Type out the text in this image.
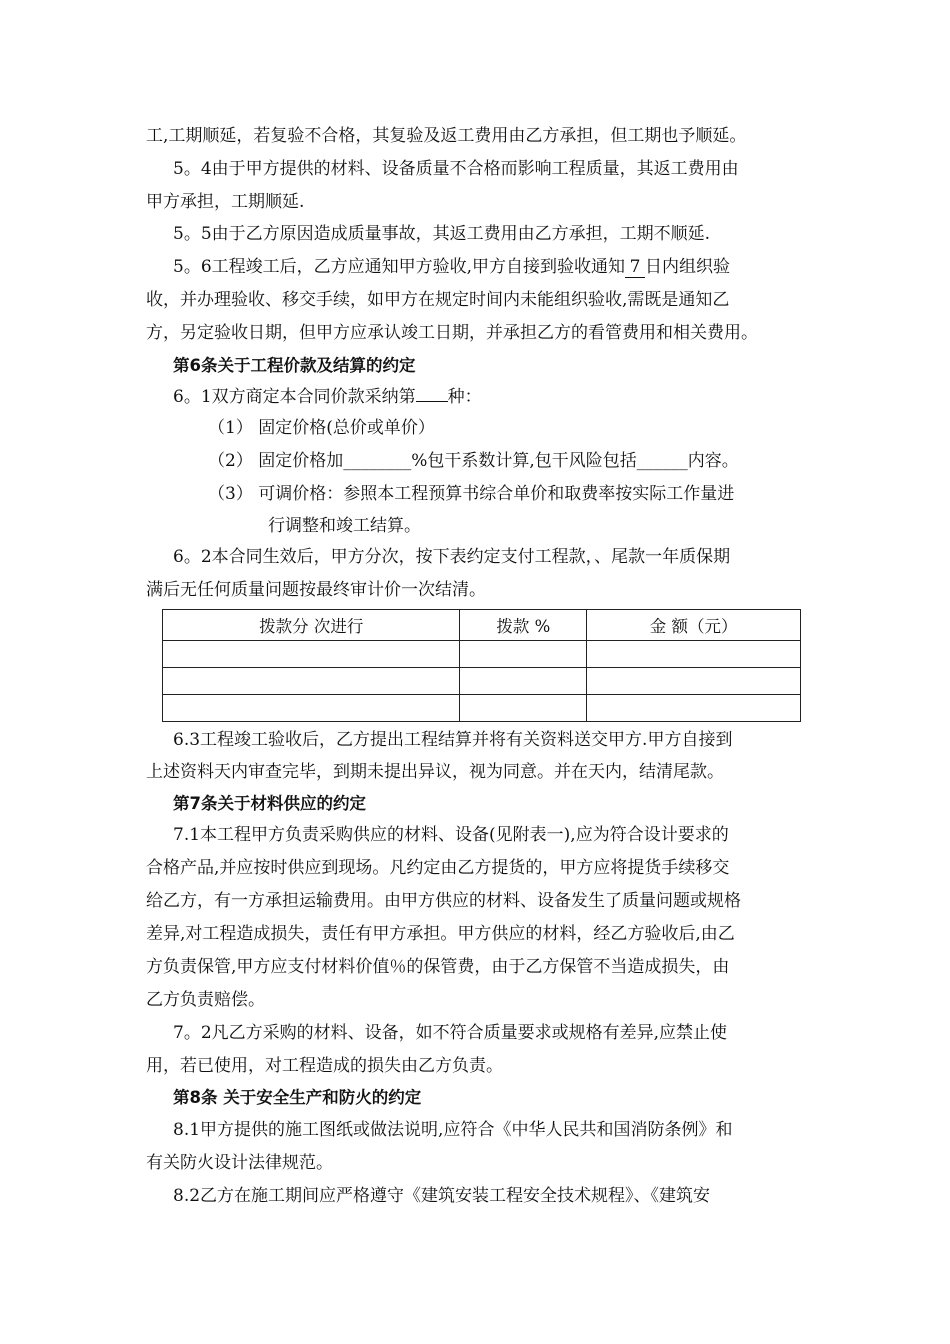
工,工期顺延，若复验不合格，其复验及返工费用由乙方承担，但工期也予顺延。
5。4由于甲方提供的材料、设备质量不合格而影响工程质量，其返工费用由
甲方承担，工期顺延.
5。5由于乙方原因造成质量事故，其返工费用由乙方承担，工期不顺延.
5。6工程竣工后，乙方应通知甲方验收,甲方自接到验收通知 7 日内组织验
收，并办理验收、移交手续，如甲方在规定时间内未能组织验收,需既是通知乙
方，另定验收日期，但甲方应承认竣工日期，并承担乙方的看管费用和相关费用。
第6条关于工程价款及结算的约定
6。1双方商定本合同价款采纳第 种：
（1） 固定价格(总价或单价）
（2） 固定价格加________%包干系数计算,包干风险包括______内容。
（3） 可调价格：参照本工程预算书综合单价和取费率按实际工作量进
行调整和竣工结算。
6。2本合同生效后，甲方分次，按下表约定支付工程款，、尾款一年质保期
满后无任何质量问题按最终审计价一次结清。
拨款分 次进行	拨款 %	金 额（元）

6.3工程竣工验收后，乙方提出工程结算并将有关资料送交甲方.甲方自接到
上述资料天内审查完毕，到期未提出异议，视为同意。并在天内，结清尾款。
第7条关于材料供应的约定
7.1本工程甲方负责采购供应的材料、设备(见附表一),应为符合设计要求的
合格产品,并应按时供应到现场。凡约定由乙方提货的，甲方应将提货手续移交
给乙方，有一方承担运输费用。由甲方供应的材料、设备发生了质量问题或规格
差异,对工程造成损失，责任有甲方承担。甲方供应的材料，经乙方验收后,由乙
方负责保管,甲方应支付材料价值％的保管费，由于乙方保管不当造成损失，由
乙方负责赔偿。
7。2凡乙方采购的材料、设备，如不符合质量要求或规格有差异,应禁止使
用，若已使用，对工程造成的损失由乙方负责。
第8条 关于安全生产和防火的约定
8.1甲方提供的施工图纸或做法说明,应符合《中华人民共和国消防条例》和
有关防火设计法律规范。
8.2乙方在施工期间应严格遵守《建筑安装工程安全技术规程》、《建筑安
